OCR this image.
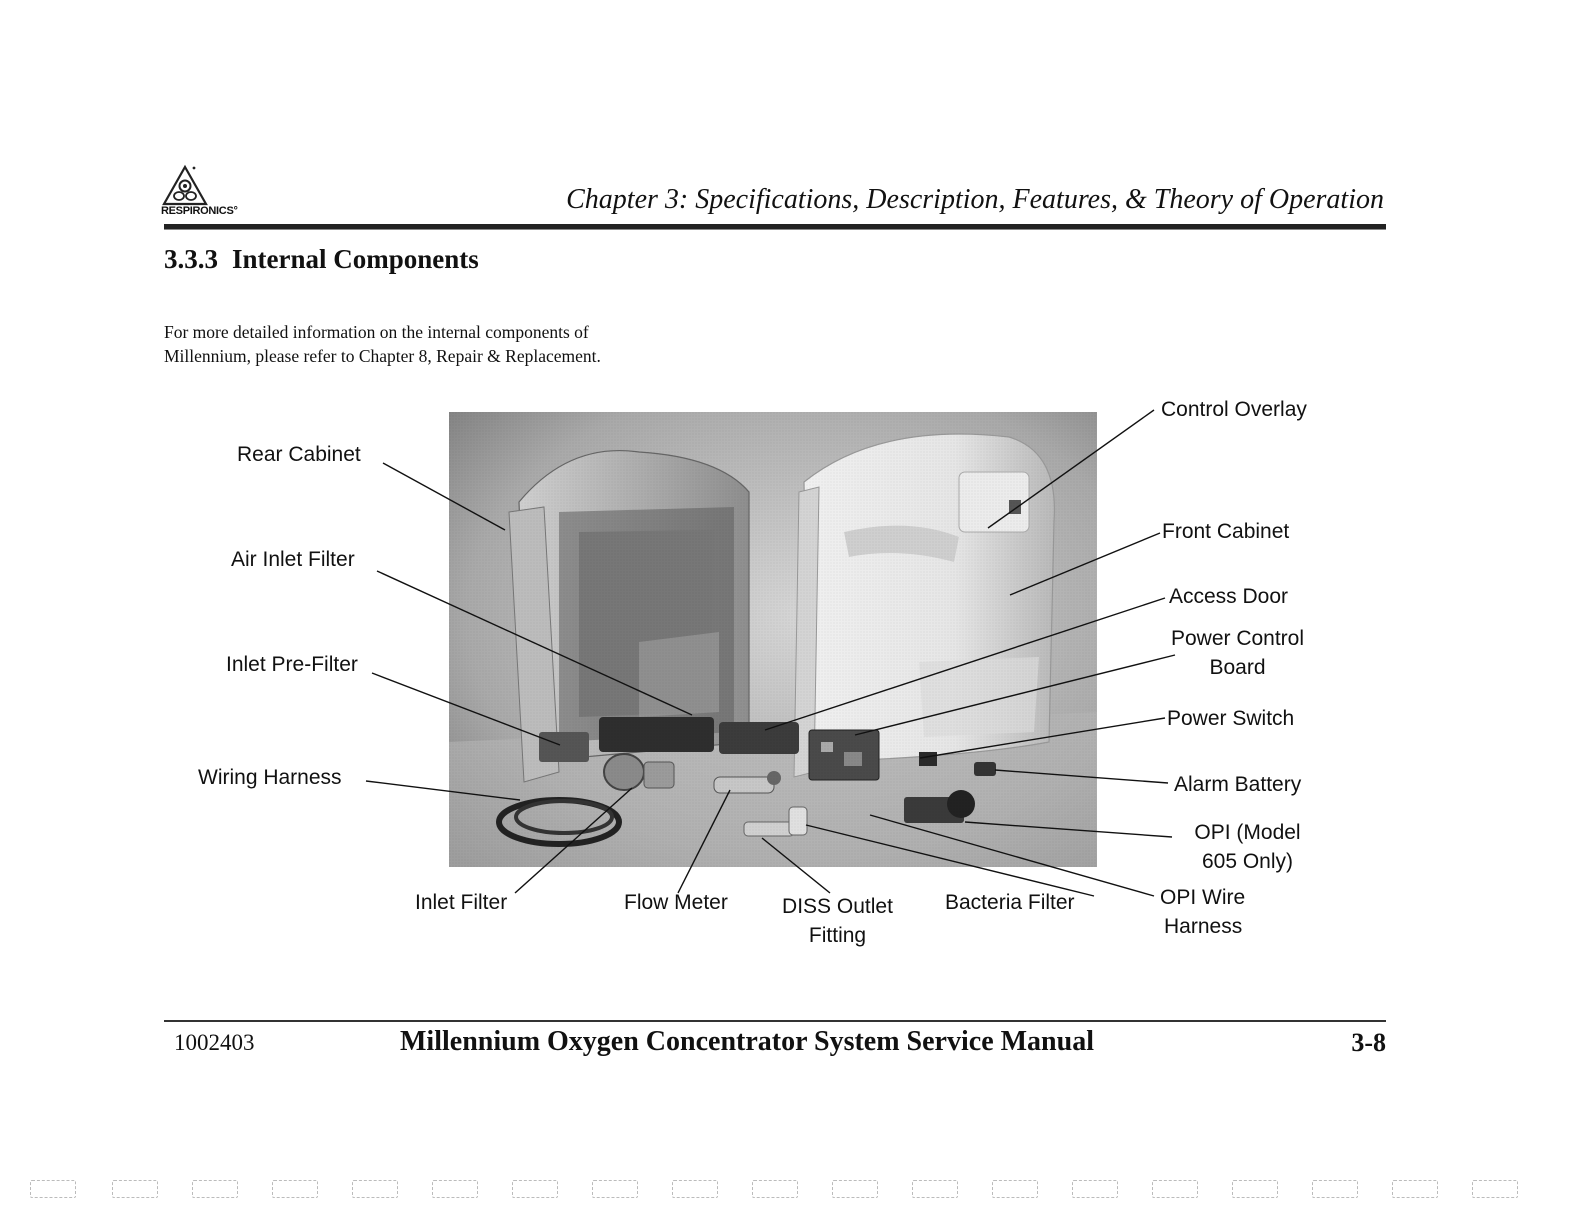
RESPIRONICS°	Chapter 3: Specifications, Description, Features, & Theory of Operation
3.3.3 Internal Components
For more detailed information on the internal components of
Millennium, please refer to Chapter 8, Repair & Replacement.
Rear Cabinet
Air Inlet Filter
Inlet Pre-Filter
Wiring Harness
Inlet Filter	Flow Meter	DISS Outlet
Fitting
Bacteria Filter	OPI Wire
Harness
OPI (Model
605 Only)
Alarm Battery
Power Switch
Power Control
Board
Access Door
Front Cabinet
Control Overlay
1002403	Millennium Oxygen Concentrator System Service Manual	3-8
